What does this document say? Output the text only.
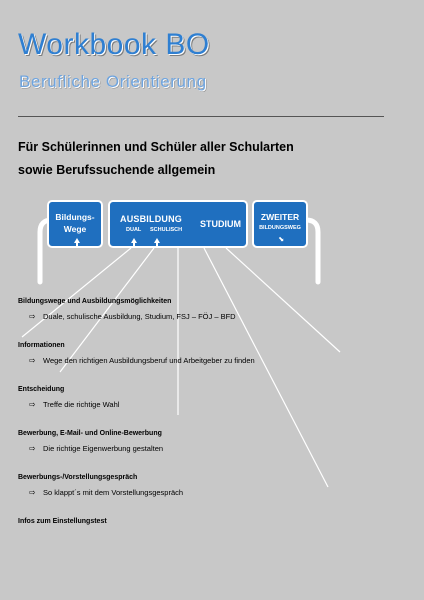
Workbook BO
Berufliche Orientierung
Für Schülerinnen und Schüler aller Schularten
sowie Berufssuchende allgemein
Bildungs-
Wege
AUSBILDUNG
DUAL SCHULISCH
STUDIUM
ZWEITER
BILDUNGSWEG
⬊
Bildungswege und Ausbildungsmöglichkeiten
⇨ Duale, schulische Ausbildung, Studium, FSJ – FÖJ – BFD
Informationen
⇨ Wege den richtigen Ausbildungsberuf und Arbeitgeber zu finden
Entscheidung
⇨ Treffe die richtige Wahl
Bewerbung, E-Mail- und Online-Bewerbung
⇨ Die richtige Eigenwerbung gestalten
Bewerbungs-/Vorstellungsgespräch
⇨ So klappt´s mit dem Vorstellungsgespräch
Infos zum Einstellungstest
